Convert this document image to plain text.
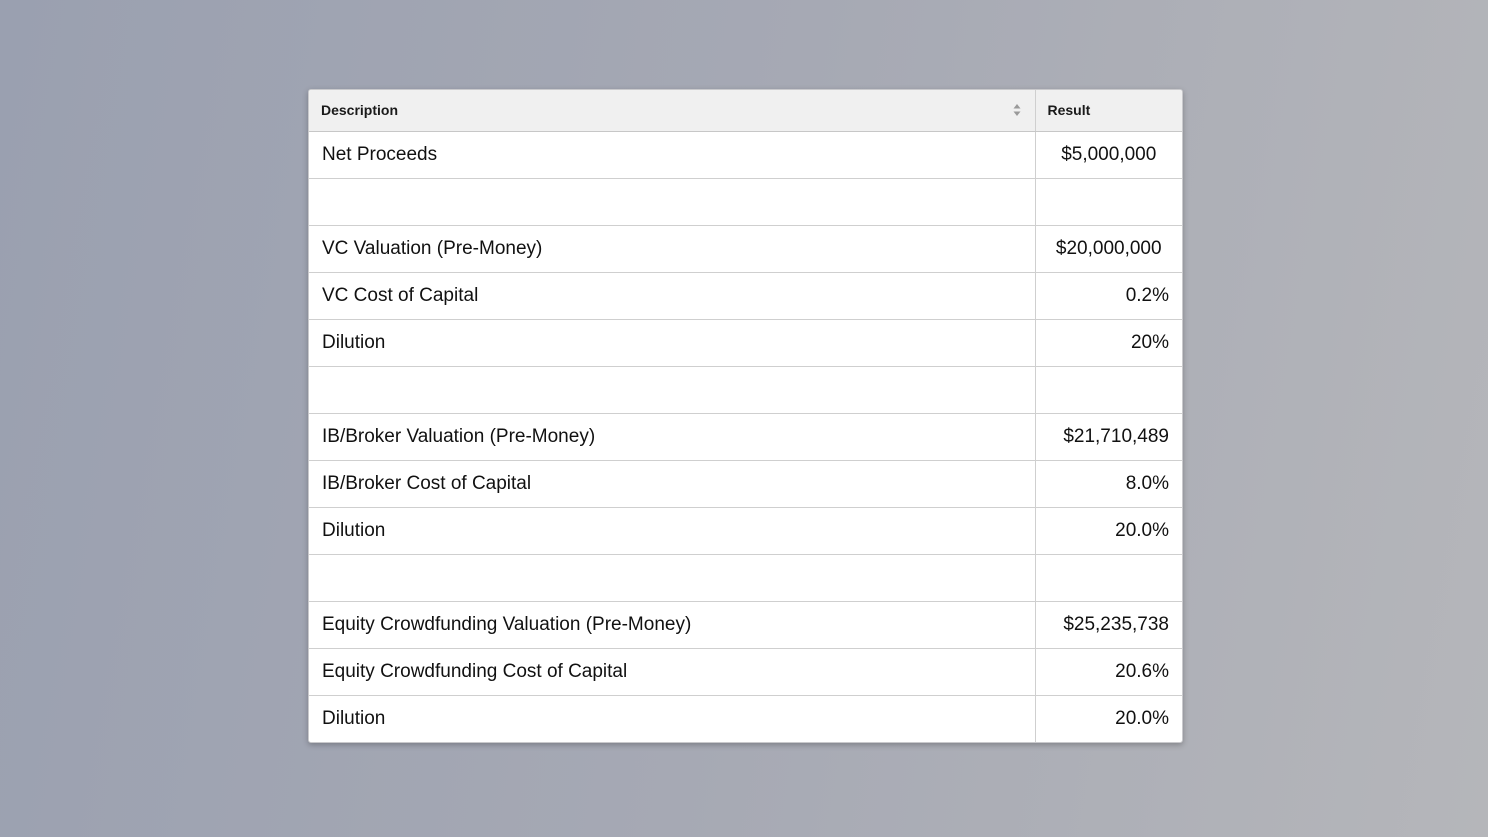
Description	Result
Net Proceeds	$5,000,000

VC Valuation (Pre-Money)	$20,000,000
VC Cost of Capital	0.2%
Dilution	20%

IB/Broker Valuation (Pre-Money)	$21,710,489
IB/Broker Cost of Capital	8.0%
Dilution	20.0%

Equity Crowdfunding Valuation (Pre-Money)	$25,235,738
Equity Crowdfunding Cost of Capital	20.6%
Dilution	20.0%
